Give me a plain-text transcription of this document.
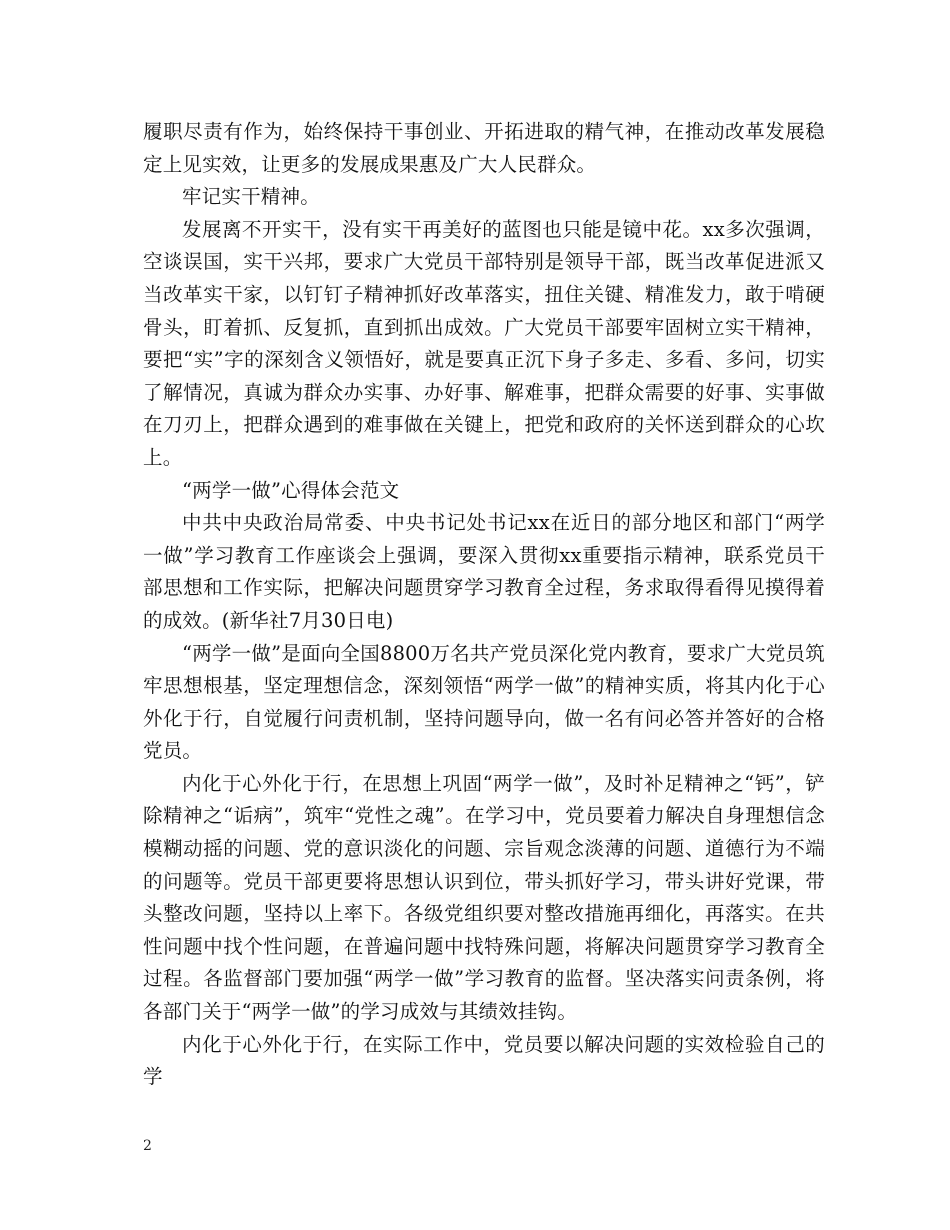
履职尽责有作为，始终保持干事创业、开拓进取的精气神，在推动改革发展稳定上见实效，让更多的发展成果惠及广大人民群众。

牢记实干精神。

发展离不开实干，没有实干再美好的蓝图也只能是镜中花。xx多次强调，空谈误国，实干兴邦，要求广大党员干部特别是领导干部，既当改革促进派又当改革实干家，以钉钉子精神抓好改革落实，扭住关键、精准发力，敢于啃硬骨头，盯着抓、反复抓，直到抓出成效。广大党员干部要牢固树立实干精神，要把“实”字的深刻含义领悟好，就是要真正沉下身子多走、多看、多问，切实了解情况，真诚为群众办实事、办好事、解难事，把群众需要的好事、实事做在刀刃上，把群众遇到的难事做在关键上，把党和政府的关怀送到群众的心坎上。

“两学一做”心得体会范文

中共中央政治局常委、中央书记处书记xx在近日的部分地区和部门“两学一做”学习教育工作座谈会上强调，要深入贯彻xx重要指示精神，联系党员干部思想和工作实际，把解决问题贯穿学习教育全过程，务求取得看得见摸得着的成效。(新华社7月30日电)

“两学一做”是面向全国8800万名共产党员深化党内教育，要求广大党员筑牢思想根基，坚定理想信念，深刻领悟“两学一做”的精神实质，将其内化于心外化于行，自觉履行问责机制，坚持问题导向，做一名有问必答并答好的合格党员。

内化于心外化于行，在思想上巩固“两学一做”，及时补足精神之“钙”，铲除精神之“诟病”，筑牢“党性之魂”。在学习中，党员要着力解决自身理想信念模糊动摇的问题、党的意识淡化的问题、宗旨观念淡薄的问题、道德行为不端的问题等。党员干部更要将思想认识到位，带头抓好学习，带头讲好党课，带头整改问题，坚持以上率下。各级党组织要对整改措施再细化，再落实。在共性问题中找个性问题，在普遍问题中找特殊问题，将解决问题贯穿学习教育全过程。各监督部门要加强“两学一做”学习教育的监督。坚决落实问责条例，将各部门关于“两学一做”的学习成效与其绩效挂钩。

内化于心外化于行，在实际工作中，党员要以解决问题的实效检验自己的学

2
